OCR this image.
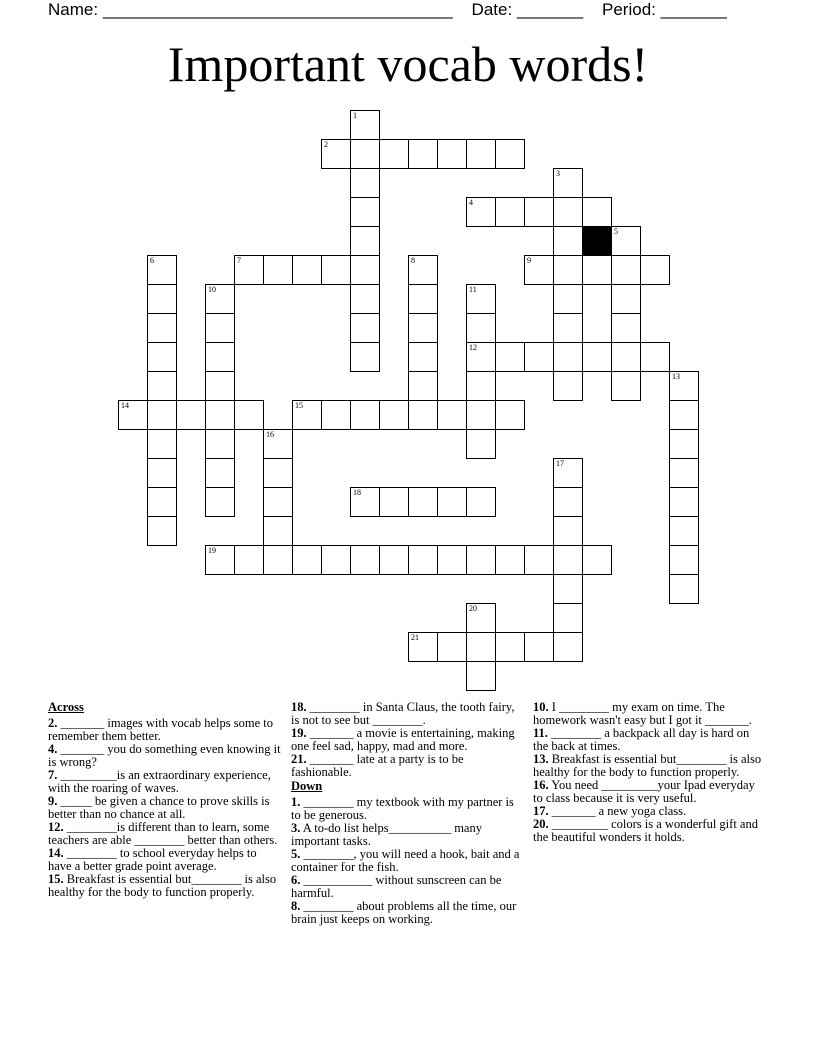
Name: _____________________________________ Date: _______ Period: _______
Important vocab words!
2
4
7	9
12
14	15
18
19
21
1
3
5
6	8
10	11
13
16
17
20
Across

2. _______ images with vocab helps some to remember them better.

4. _______ you do something even knowing it is wrong?

7. _________is an extraordinary experience, with the roaring of waves.

9. _____ be given a chance to prove skills is better than no chance at all.

12. ________is different than to learn, some teachers are able ________ better than others.

14. ________ to school everyday helps to have a better grade point average.

15. Breakfast is essential but________ is also healthy for the body to function properly.

18. ________ in Santa Claus, the tooth fairy, is not to see but ________.

19. _______ a movie is entertaining, making one feel sad, happy, mad and more.

21. _______ late at a party is to be fashionable.

Down

1. ________ my textbook with my partner is to be generous.

3. A to-do list helps__________ many important tasks.

5. ________, you will need a hook, bait and a container for the fish.

6. ___________ without sunscreen can be harmful.

8. ________ about problems all the time, our brain just keeps on working.

10. I ________ my exam on time. The homework wasn't easy but I got it _______.

11. ________ a backpack all day is hard on the back at times.

13. Breakfast is essential but________ is also healthy for the body to function properly.

16. You need _________your Ipad everyday to class because it is very useful.

17. _______ a new yoga class.

20. _________ colors is a wonderful gift and the beautiful wonders it holds.
